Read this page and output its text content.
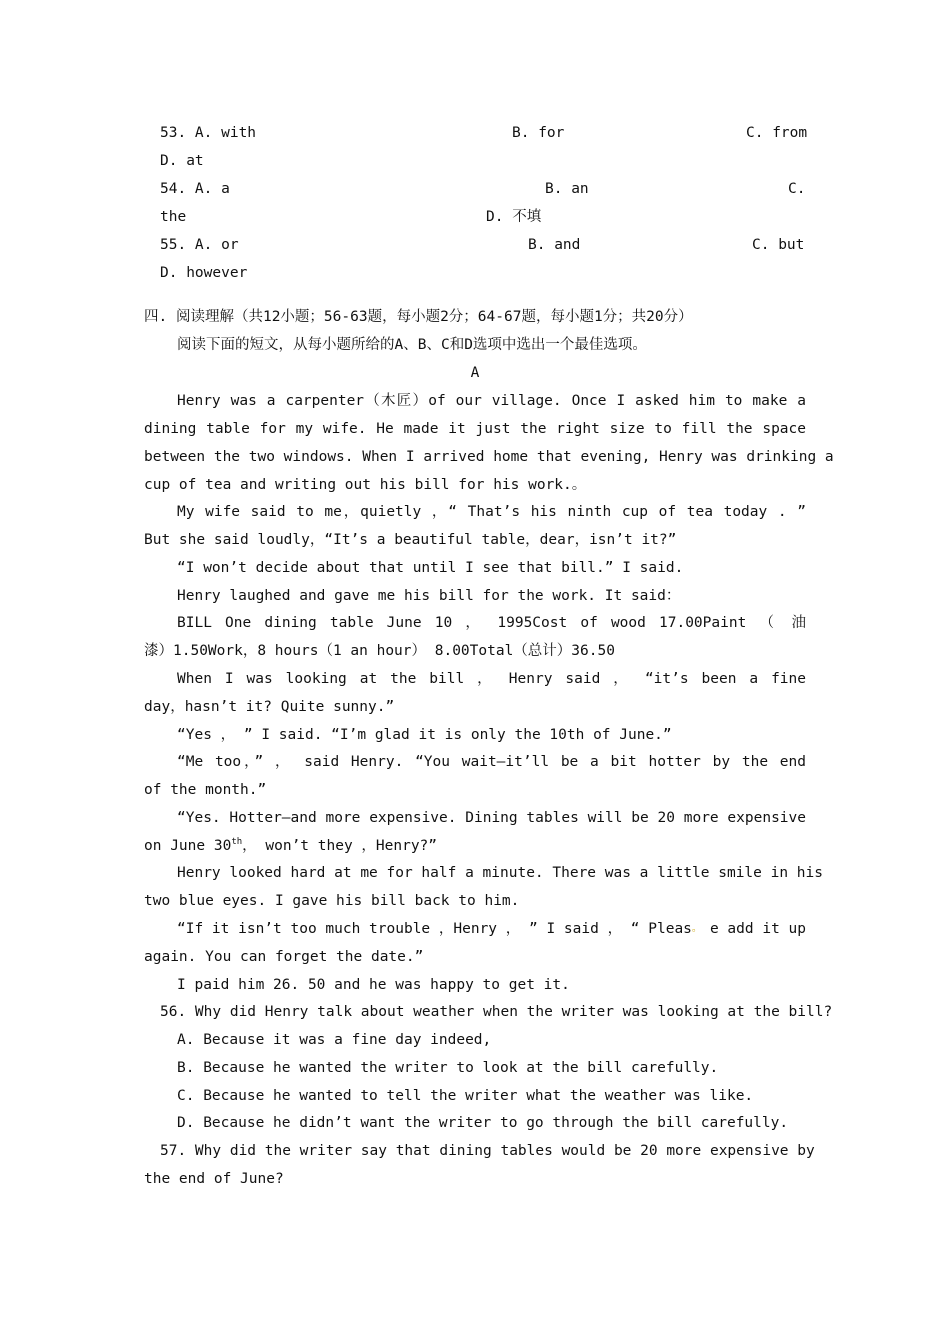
53. A. with	B. for	C. from
D. at
54. A. a	B. an	C.
the	D. 不填
55. A. or	B. and	C. but
D. however
四. 阅读理解（共12小题；56-63题，每小题2分；64-67题，每小题1分；共20分）
阅读下面的短文，从每小题所给的A、B、C和D选项中选出一个最佳选项。
A
Henry was a carpenter（木匠）of our village. Once I asked him to make a
dining table for my wife. He made it just the right size to fill the space
between the two windows. When I arrived home that evening, Henry was drinking a
cup of tea and writing out his bill for his work.。
My wife said to me，quietly ，“ That’s his ninth cup of tea today . ”
But she said loudly，“It’s a beautiful table，dear，isn’t it?”
“I won’t decide about that until I see that bill.” I said.
Henry laughed and gave me his bill for the work. It said：
BILL One dining table June 10 ， 1995Cost of wood 17.00Paint （ 油
漆）1.50Work，8 hours（1 an hour） 8.00Total（总计）36.50
When I was looking at the bill ， Henry said ， “it’s been a fine
day，hasn’t it? Quite sunny.”
“Yes ， ” I said. “I’m glad it is only the 10th of June.”
“Me too，” ， said Henry. “You wait—it’ll be a bit hotter by the end
of the month.”
“Yes. Hotter—and more expensive. Dining tables will be 20 more expensive
on June 30th， won’t they ，Henry?”
Henry looked hard at me for half a minute. There was a little smile in his
two blue eyes. I gave his bill back to him.
“If it isn’t too much trouble ，Henry ， ” I said ， “ Pleas 。 e add it up
again. You can forget the date.”
I paid him 26. 50 and he was happy to get it.
56. Why did Henry talk about weather when the writer was looking at the bill?
A. Because it was a fine day indeed,
B. Because he wanted the writer to look at the bill carefully.
C. Because he wanted to tell the writer what the weather was like.
D. Because he didn’t want the writer to go through the bill carefully.
57. Why did the writer say that dining tables would be 20 more expensive by
the end of June?
